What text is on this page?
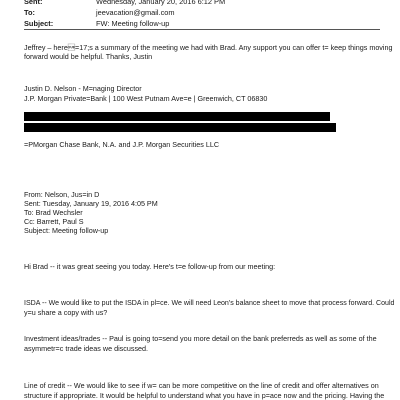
Sent:	Wednesday, January 20, 2016 6:12 PM
To:	jeevacation@gmail.com
Subject:	FW: Meeting follow-up
Jeffrey – here=17;s a summary of the meeting we had with Brad. Any support you can offer t= keep things moving
forward would be helpful. Thanks, Justin
Justin D. Nelson - M=naging Director
J.P. Morgan Private=Bank | 100 West Putnam Ave=e | Greenwich, CT 06830
=PMorgan Chase Bank, N.A. and J.P. Morgan Securities LLC
From: Nelson, Jus=in D
Sent: Tuesday, January 19, 2016 4:05 PM
To: Brad Wechsler
Cc: Barrett, Paul S
Subject: Meeting follow-up
Hi Brad -- it was great seeing you today. Here's t=e follow-up from our meeting:
ISDA -- We would like to put the ISDA in pl=ce. We will need Leon's balance sheet to move that process forward. Could
y=u share a copy with us?
Investment ideas/trades -- Paul is going to=send you more detail on the bank preferreds as well as some of the
asymmetr=c trade ideas we discussed.
Line of credit -- We would like to see if w= can be more competitive on the line of credit and offer alternatives on
structure if appropriate. It would be helpful to understand what you have in p=ace now and the pricing. Having the
